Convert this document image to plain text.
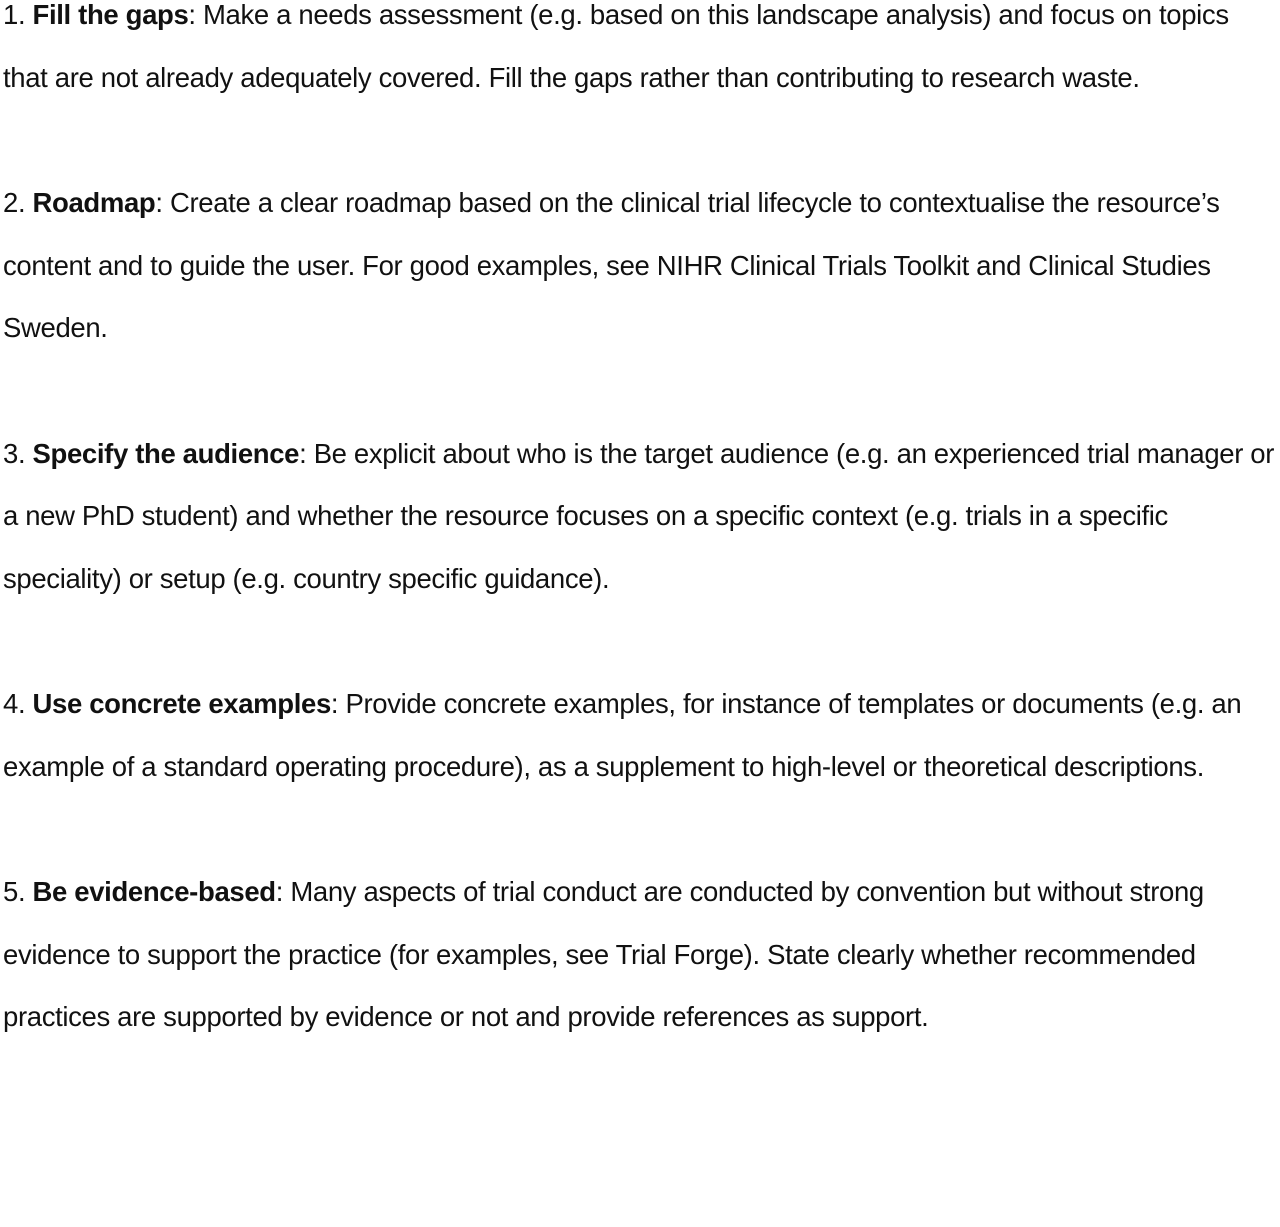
1. Fill the gaps: Make a needs assessment (e.g. based on this landscape analysis) and focus on topics that are not already adequately covered. Fill the gaps rather than contributing to research waste.

2. Roadmap: Create a clear roadmap based on the clinical trial lifecycle to contextualise the resource’s content and to guide the user. For good examples, see NIHR Clinical Trials Toolkit and Clinical Studies Sweden.

3. Specify the audience: Be explicit about who is the target audience (e.g. an experienced trial manager or a new PhD student) and whether the resource focuses on a specific context (e.g. trials in a specific speciality) or setup (e.g. country specific guidance).

4. Use concrete examples: Provide concrete examples, for instance of templates or documents (e.g. an example of a standard operating procedure), as a supplement to high-level or theoretical descriptions.

5. Be evidence-based: Many aspects of trial conduct are conducted by convention but without strong evidence to support the practice (for examples, see Trial Forge). State clearly whether recommended practices are supported by evidence or not and provide references as support.
